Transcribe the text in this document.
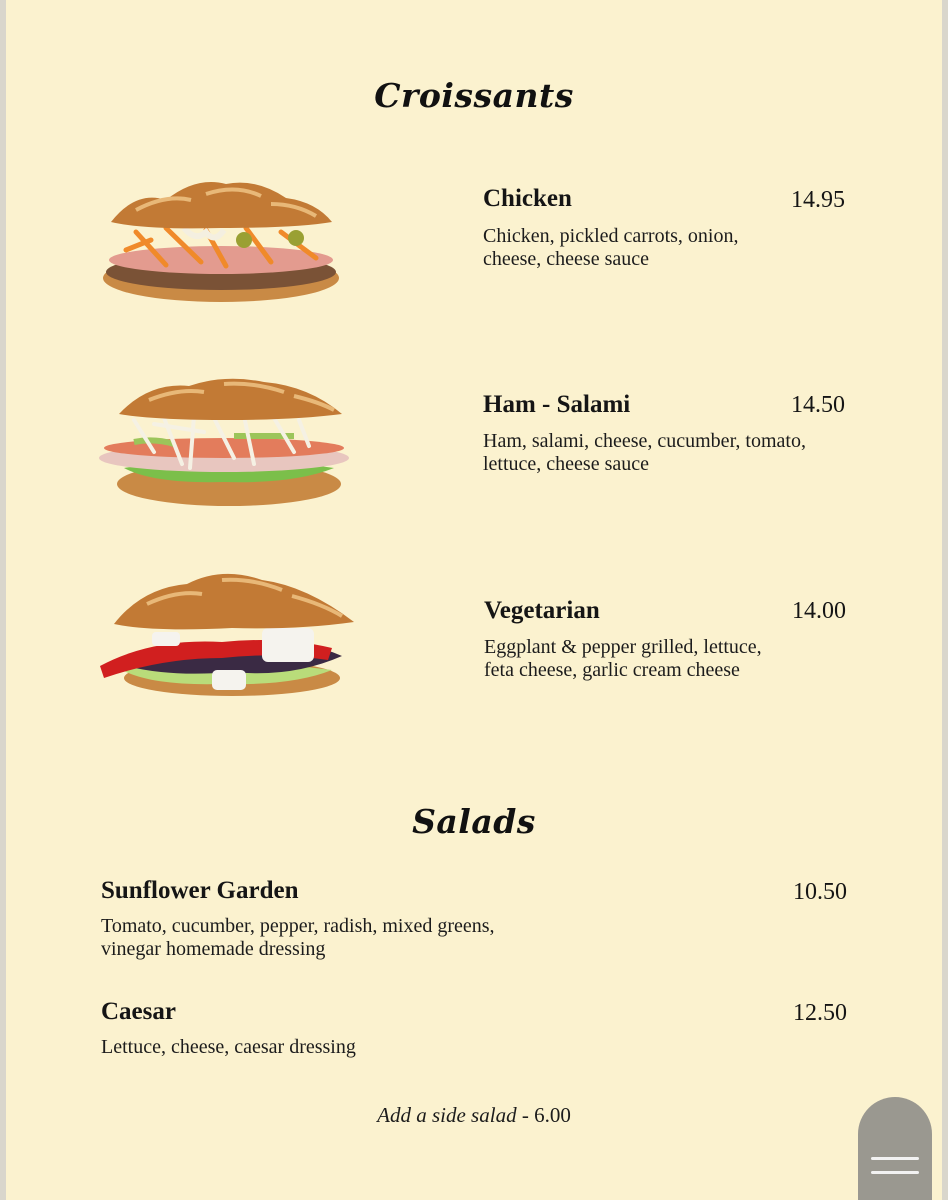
Croissants
Chicken	14.95
Chicken, pickled carrots, onion,
cheese, cheese sauce
Ham - Salami	14.50
Ham, salami, cheese, cucumber, tomato,
lettuce, cheese sauce
Vegetarian	14.00
Eggplant & pepper grilled, lettuce,
feta cheese, garlic cream cheese
Salads
Sunflower Garden	10.50
Tomato, cucumber, pepper, radish, mixed greens,
vinegar homemade dressing
Caesar	12.50
Lettuce, cheese, caesar dressing
Add a side salad - 6.00
